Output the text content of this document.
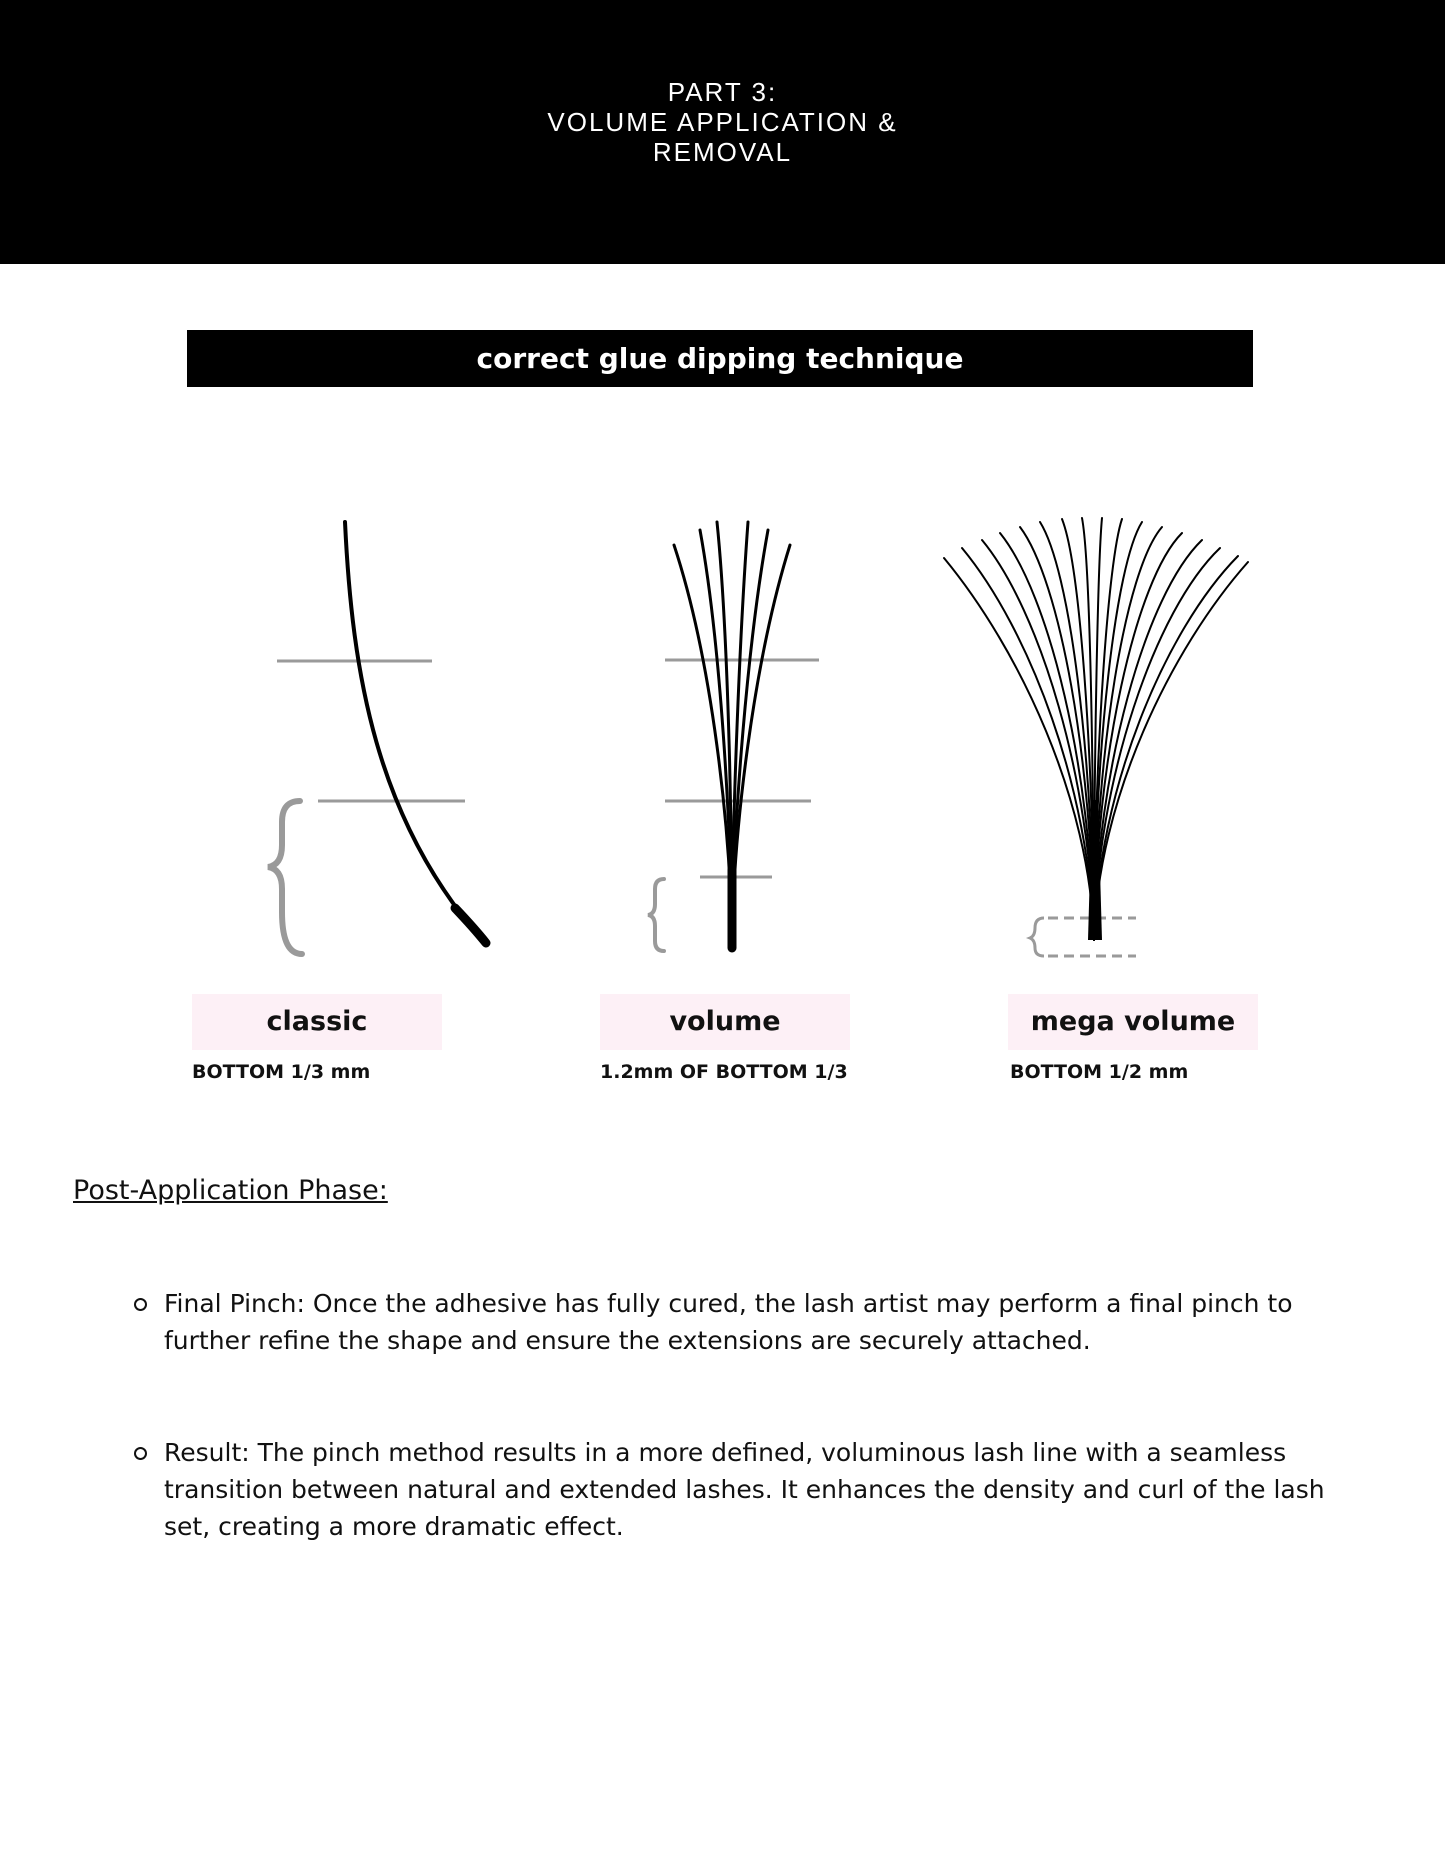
PART 3:
VOLUME APPLICATION &
REMOVAL
correct glue dipping technique
classic
BOTTOM 1/3 mm
volume
1.2mm OF BOTTOM 1/3
mega volume
BOTTOM 1/2 mm
Post-Application Phase:
Final Pinch: Once the adhesive has fully cured, the lash artist may perform a final pinch to further refine the shape and ensure the extensions are securely attached.
Result: The pinch method results in a more defined, voluminous lash line with a seamless transition between natural and extended lashes. It enhances the density and curl of the lash set, creating a more dramatic effect.
